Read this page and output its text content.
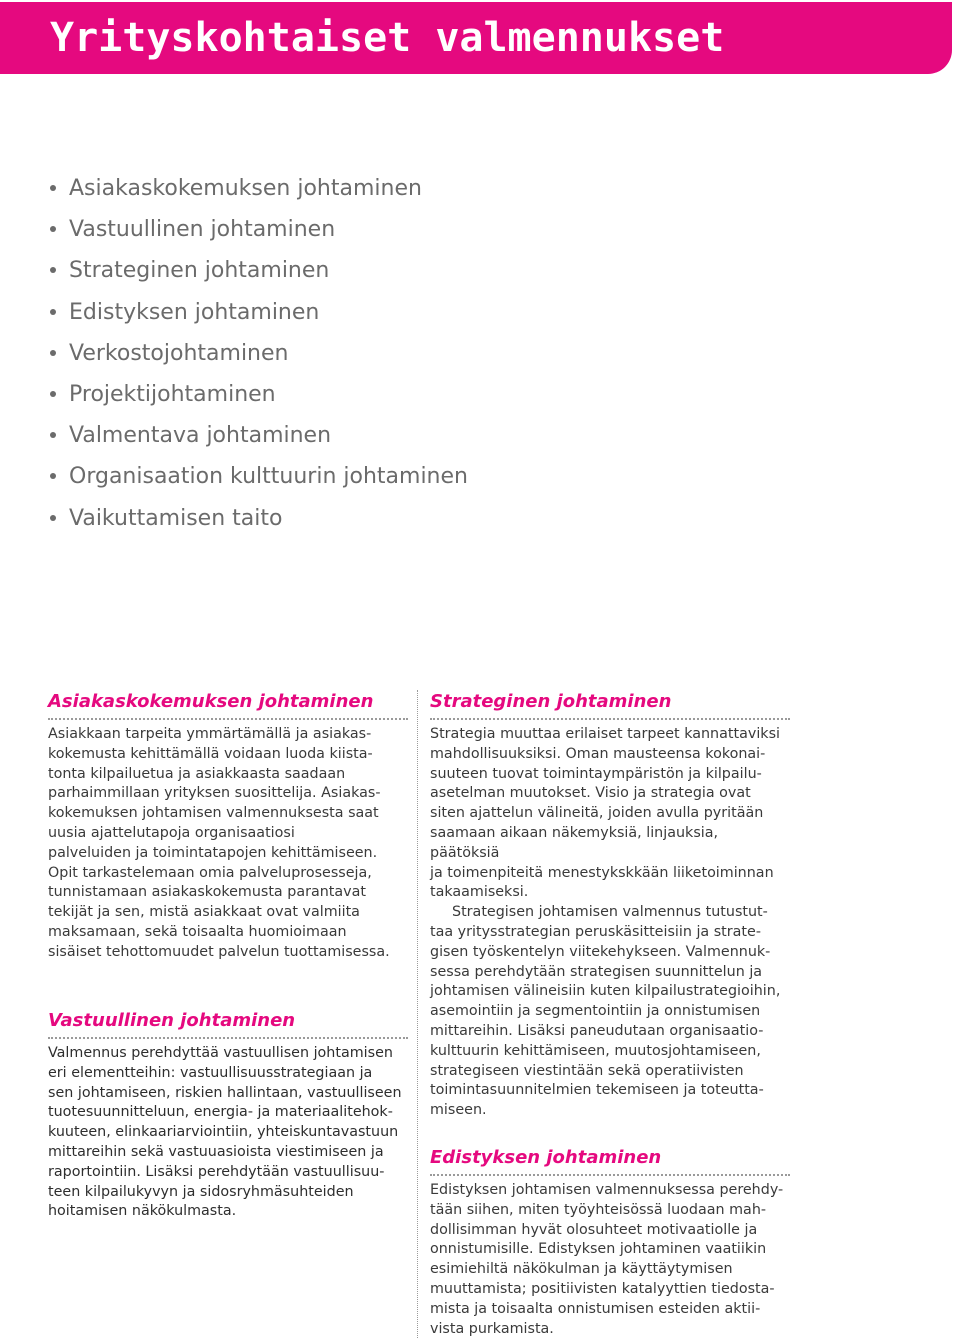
Yrityskohtaiset valmennukset
Asiakaskokemuksen johtaminen
Vastuullinen johtaminen
Strateginen johtaminen
Edistyksen johtaminen
Verkostojohtaminen
Projektijohtaminen
Valmentava johtaminen
Organisaation kulttuurin johtaminen
Vaikuttamisen taito
Asiakaskokemuksen johtaminen

Asiakkaan tarpeita ymmärtämällä ja asiakas-
kokemusta kehittämällä voidaan luoda kiista-
tonta kilpailuetua ja asiakkaasta saadaan
parhaimmillaan yrityksen suosittelija. Asiakas-
kokemuksen johtamisen valmennuksesta saat
uusia ajattelutapoja organisaatiosi
palveluiden ja toimintatapojen kehittämiseen.
Opit tarkastelemaan omia palveluprosesseja,
tunnistamaan asiakaskokemusta parantavat
tekijät ja sen, mistä asiakkaat ovat valmiita
maksamaan, sekä toisaalta huomioimaan
sisäiset tehottomuudet palvelun tuottamisessa.

Vastuullinen johtaminen

Valmennus perehdyttää vastuullisen johtamisen
eri elementteihin: vastuullisuusstrategiaan ja
sen johtamiseen, riskien hallintaan, vastuulliseen
tuotesuunnitteluun, energia- ja materiaalitehok-
kuuteen, elinkaariarviointiin, yhteiskuntavastuun
mittareihin sekä vastuuasioista viestimiseen ja
raportointiin. Lisäksi perehdytään vastuullisuu-
teen kilpailukyvyn ja sidosryhmäsuhteiden
hoitamisen näkökulmasta.

Strateginen johtaminen

Strategia muuttaa erilaiset tarpeet kannattaviksi
mahdollisuuksiksi. Oman mausteensa kokonai-
suuteen tuovat toimintaympäristön ja kilpailu-
asetelman muutokset. Visio ja strategia ovat
siten ajattelun välineitä, joiden avulla pyritään
saamaan aikaan näkemyksiä, linjauksia, päätöksiä
ja toimenpiteitä menestykskkään liiketoiminnan
takaamiseksi.

Strategisen johtamisen valmennus tutustut-
taa yritysstrategian peruskäsitteisiin ja strate-
gisen työskentelyn viitekehykseen. Valmennuk-
sessa perehdytään strategisen suunnittelun ja
johtamisen välineisiin kuten kilpailustrategioihin,
asemointiin ja segmentointiin ja onnistumisen
mittareihin. Lisäksi paneudutaan organisaatio-
kulttuurin kehittämiseen, muutosjohtamiseen,
strategiseen viestintään sekä operatiivisten
toimintasuunnitelmien tekemiseen ja toteutta-
miseen.

Edistyksen johtaminen

Edistyksen johtamisen valmennuksessa perehdy-
tään siihen, miten työyhteisössä luodaan mah-
dollisimman hyvät olosuhteet motivaatiolle ja
onnistumisille. Edistyksen johtaminen vaatiikin
esimiehiltä näkökulman ja käyttäytymisen
muuttamista; positiivisten katalyyttien tiedosta-
mista ja toisaalta onnistumisen esteiden aktii-
vista purkamista.
